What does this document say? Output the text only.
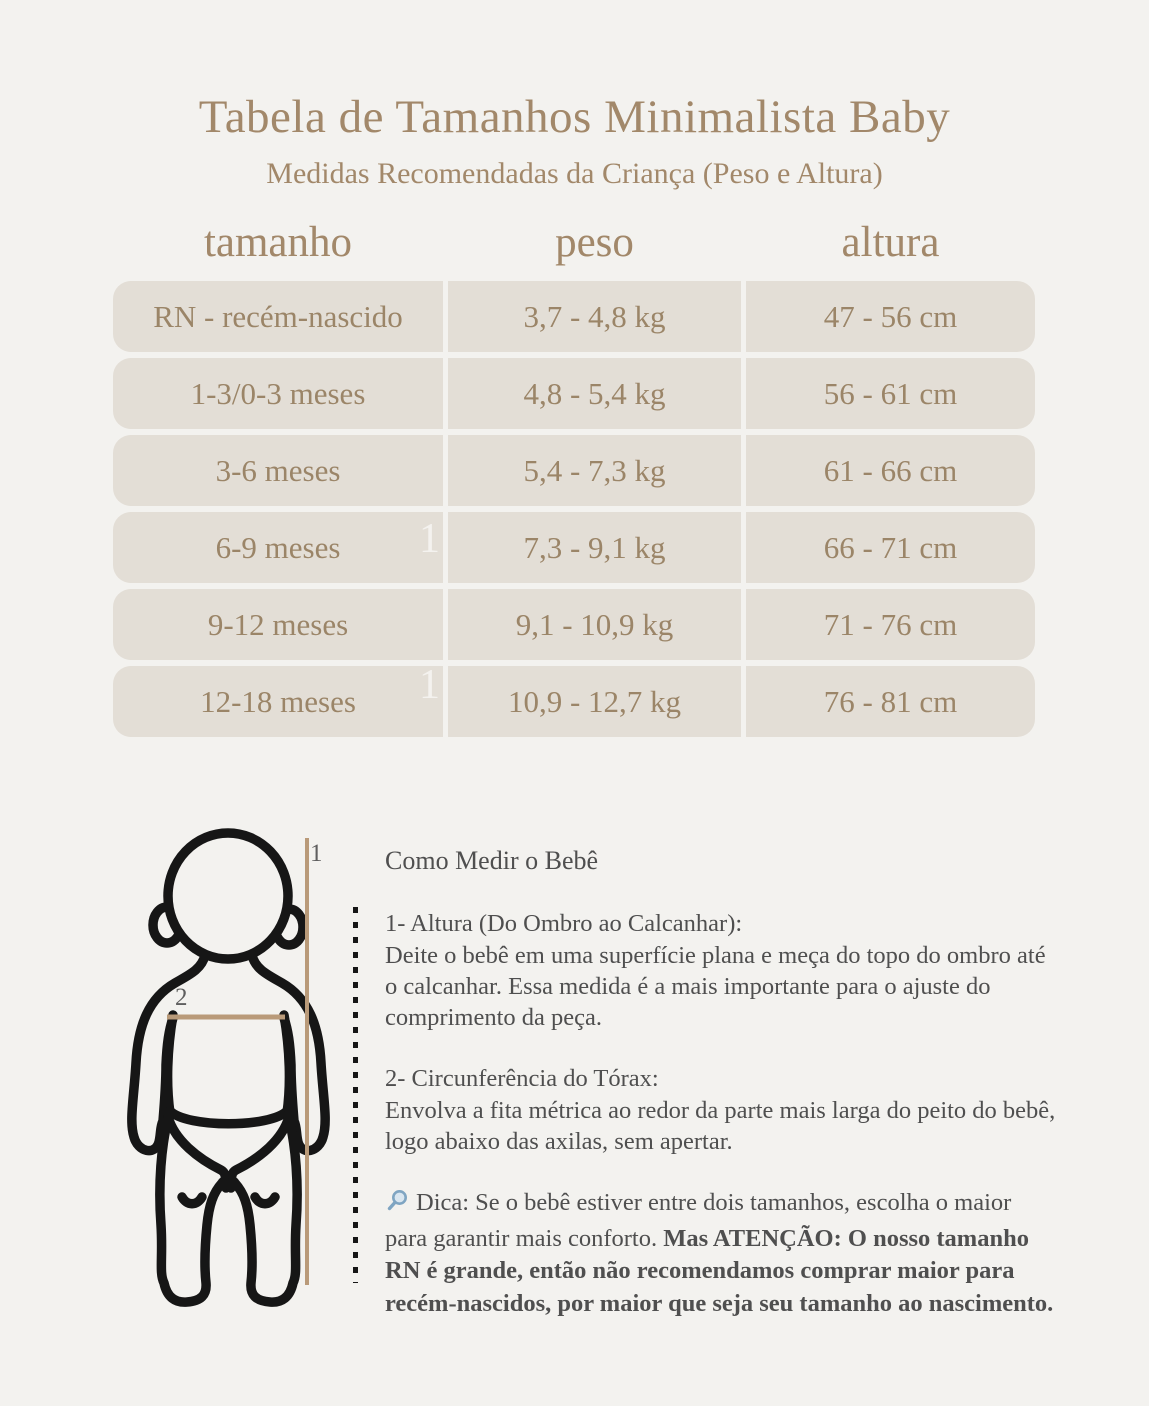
Tabela de Tamanhos Minimalista Baby
Medidas Recomendadas da Criança (Peso e Altura)
tamanho	peso	altura
RN - recém-nascido	3,7 - 4,8 kg	47 - 56 cm
1-3/0-3 meses	4,8 - 5,4 kg	56 - 61 cm
3-6 meses	5,4 - 7,3 kg	61 - 66 cm
6-9 meses	7,3 - 9,1 kg	66 - 71 cm
9-12 meses	9,1 - 10,9 kg	71 - 76 cm
12-18 meses	10,9 - 12,7 kg	76 - 81 cm
1
1
1
2
Como Medir o Bebê
1- Altura (Do Ombro ao Calcanhar):
Deite o bebê em uma superfície plana e meça do topo do ombro até o calcanhar. Essa medida é a mais importante para o ajuste do comprimento da peça.
2- Circunferência do Tórax:
Envolva a fita métrica ao redor da parte mais larga do peito do bebê, logo abaixo das axilas, sem apertar.
Dica: Se o bebê estiver entre dois tamanhos, escolha o maior para garantir mais conforto. Mas ATENÇÃO: O nosso tamanho RN é grande, então não recomendamos comprar maior para recém-nascidos, por maior que seja seu tamanho ao nascimento.
